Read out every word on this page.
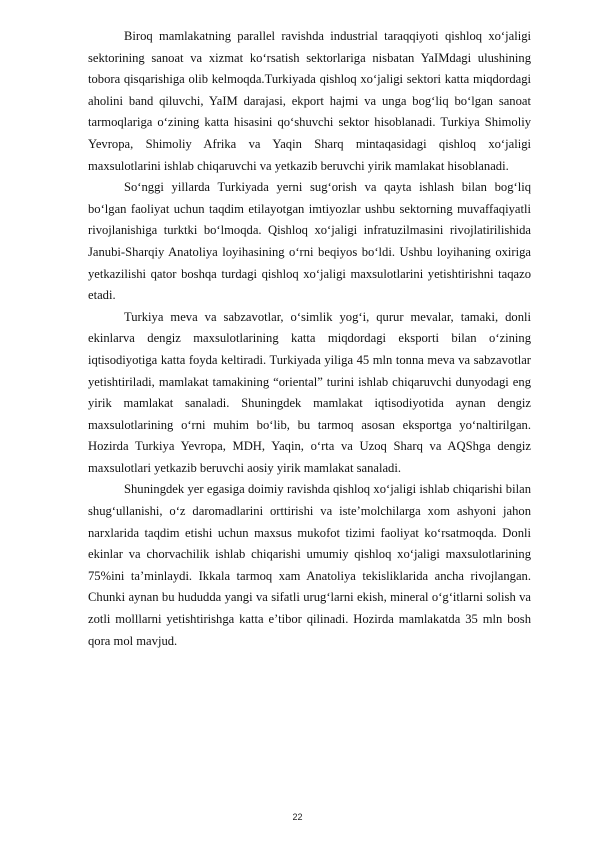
Biroq mamlakatning parallel ravishda industrial taraqqiyoti qishloq xo‘jaligi sektorining sanoat va xizmat ko‘rsatish sektorlariga nisbatan YaIMdagi ulushining tobora qisqarishiga olib kelmoqda.Turkiyada qishloq xo‘jaligi sektori katta miqdordagi aholini band qiluvchi, YaIM darajasi, ekport hajmi va unga bog‘liq bo‘lgan sanoat tarmoqlariga o‘zining katta hisasini qo‘shuvchi sektor hisoblanadi. Turkiya Shimoliy Yevropa, Shimoliy Afrika va Yaqin Sharq mintaqasidagi qishloq xo‘jaligi maxsulotlarini ishlab chiqaruvchi va yetkazib beruvchi yirik mamlakat hisoblanadi.

So‘nggi yillarda Turkiyada yerni sug‘orish va qayta ishlash bilan bog‘liq bo‘lgan faoliyat uchun taqdim etilayotgan imtiyozlar ushbu sektorning muvaffaqiyatli rivojlanishiga turktki bo‘lmoqda. Qishloq xo‘jaligi infratuzilmasini rivojlatirilishida Janubi-Sharqiy Anatoliya loyihasining o‘rni beqiyos bo‘ldi. Ushbu loyihaning oxiriga yetkazilishi qator boshqa turdagi qishloq xo‘jaligi maxsulotlarini yetishtirishni taqazo etadi.

Turkiya meva va sabzavotlar, o‘simlik yog‘i, qurur mevalar, tamaki, donli ekinlarva dengiz maxsulotlarining katta miqdordagi eksporti bilan o‘zining iqtisodiyotiga katta foyda keltiradi. Turkiyada yiliga 45 mln tonna meva va sabzavotlar yetishtiriladi, mamlakat tamakining “oriental” turini ishlab chiqaruvchi dunyodagi eng yirik mamlakat sanaladi. Shuningdek mamlakat iqtisodiyotida aynan dengiz maxsulotlarining o‘rni muhim bo‘lib, bu tarmoq asosan eksportga yo‘naltirilgan. Hozirda Turkiya Yevropa, MDH, Yaqin, o‘rta va Uzoq Sharq va AQShga dengiz maxsulotlari yetkazib beruvchi aosiy yirik mamlakat sanaladi.

Shuningdek yer egasiga doimiy ravishda qishloq xo‘jaligi ishlab chiqarishi bilan shug‘ullanishi, o‘z daromadlarini orttirishi va iste’molchilarga xom ashyoni jahon narxlarida taqdim etishi uchun maxsus mukofot tizimi faoliyat ko‘rsatmoqda. Donli ekinlar va chorvachilik ishlab chiqarishi umumiy qishloq xo‘jaligi maxsulotlarining 75%ini ta’minlaydi. Ikkala tarmoq xam Anatoliya tekisliklarida ancha rivojlangan. Chunki aynan bu hududda yangi va sifatli urug‘larni ekish, mineral o‘g‘itlarni solish va zotli molllarni yetishtirishga katta e’tibor qilinadi. Hozirda mamlakatda 35 mln bosh qora mol mavjud.

22
